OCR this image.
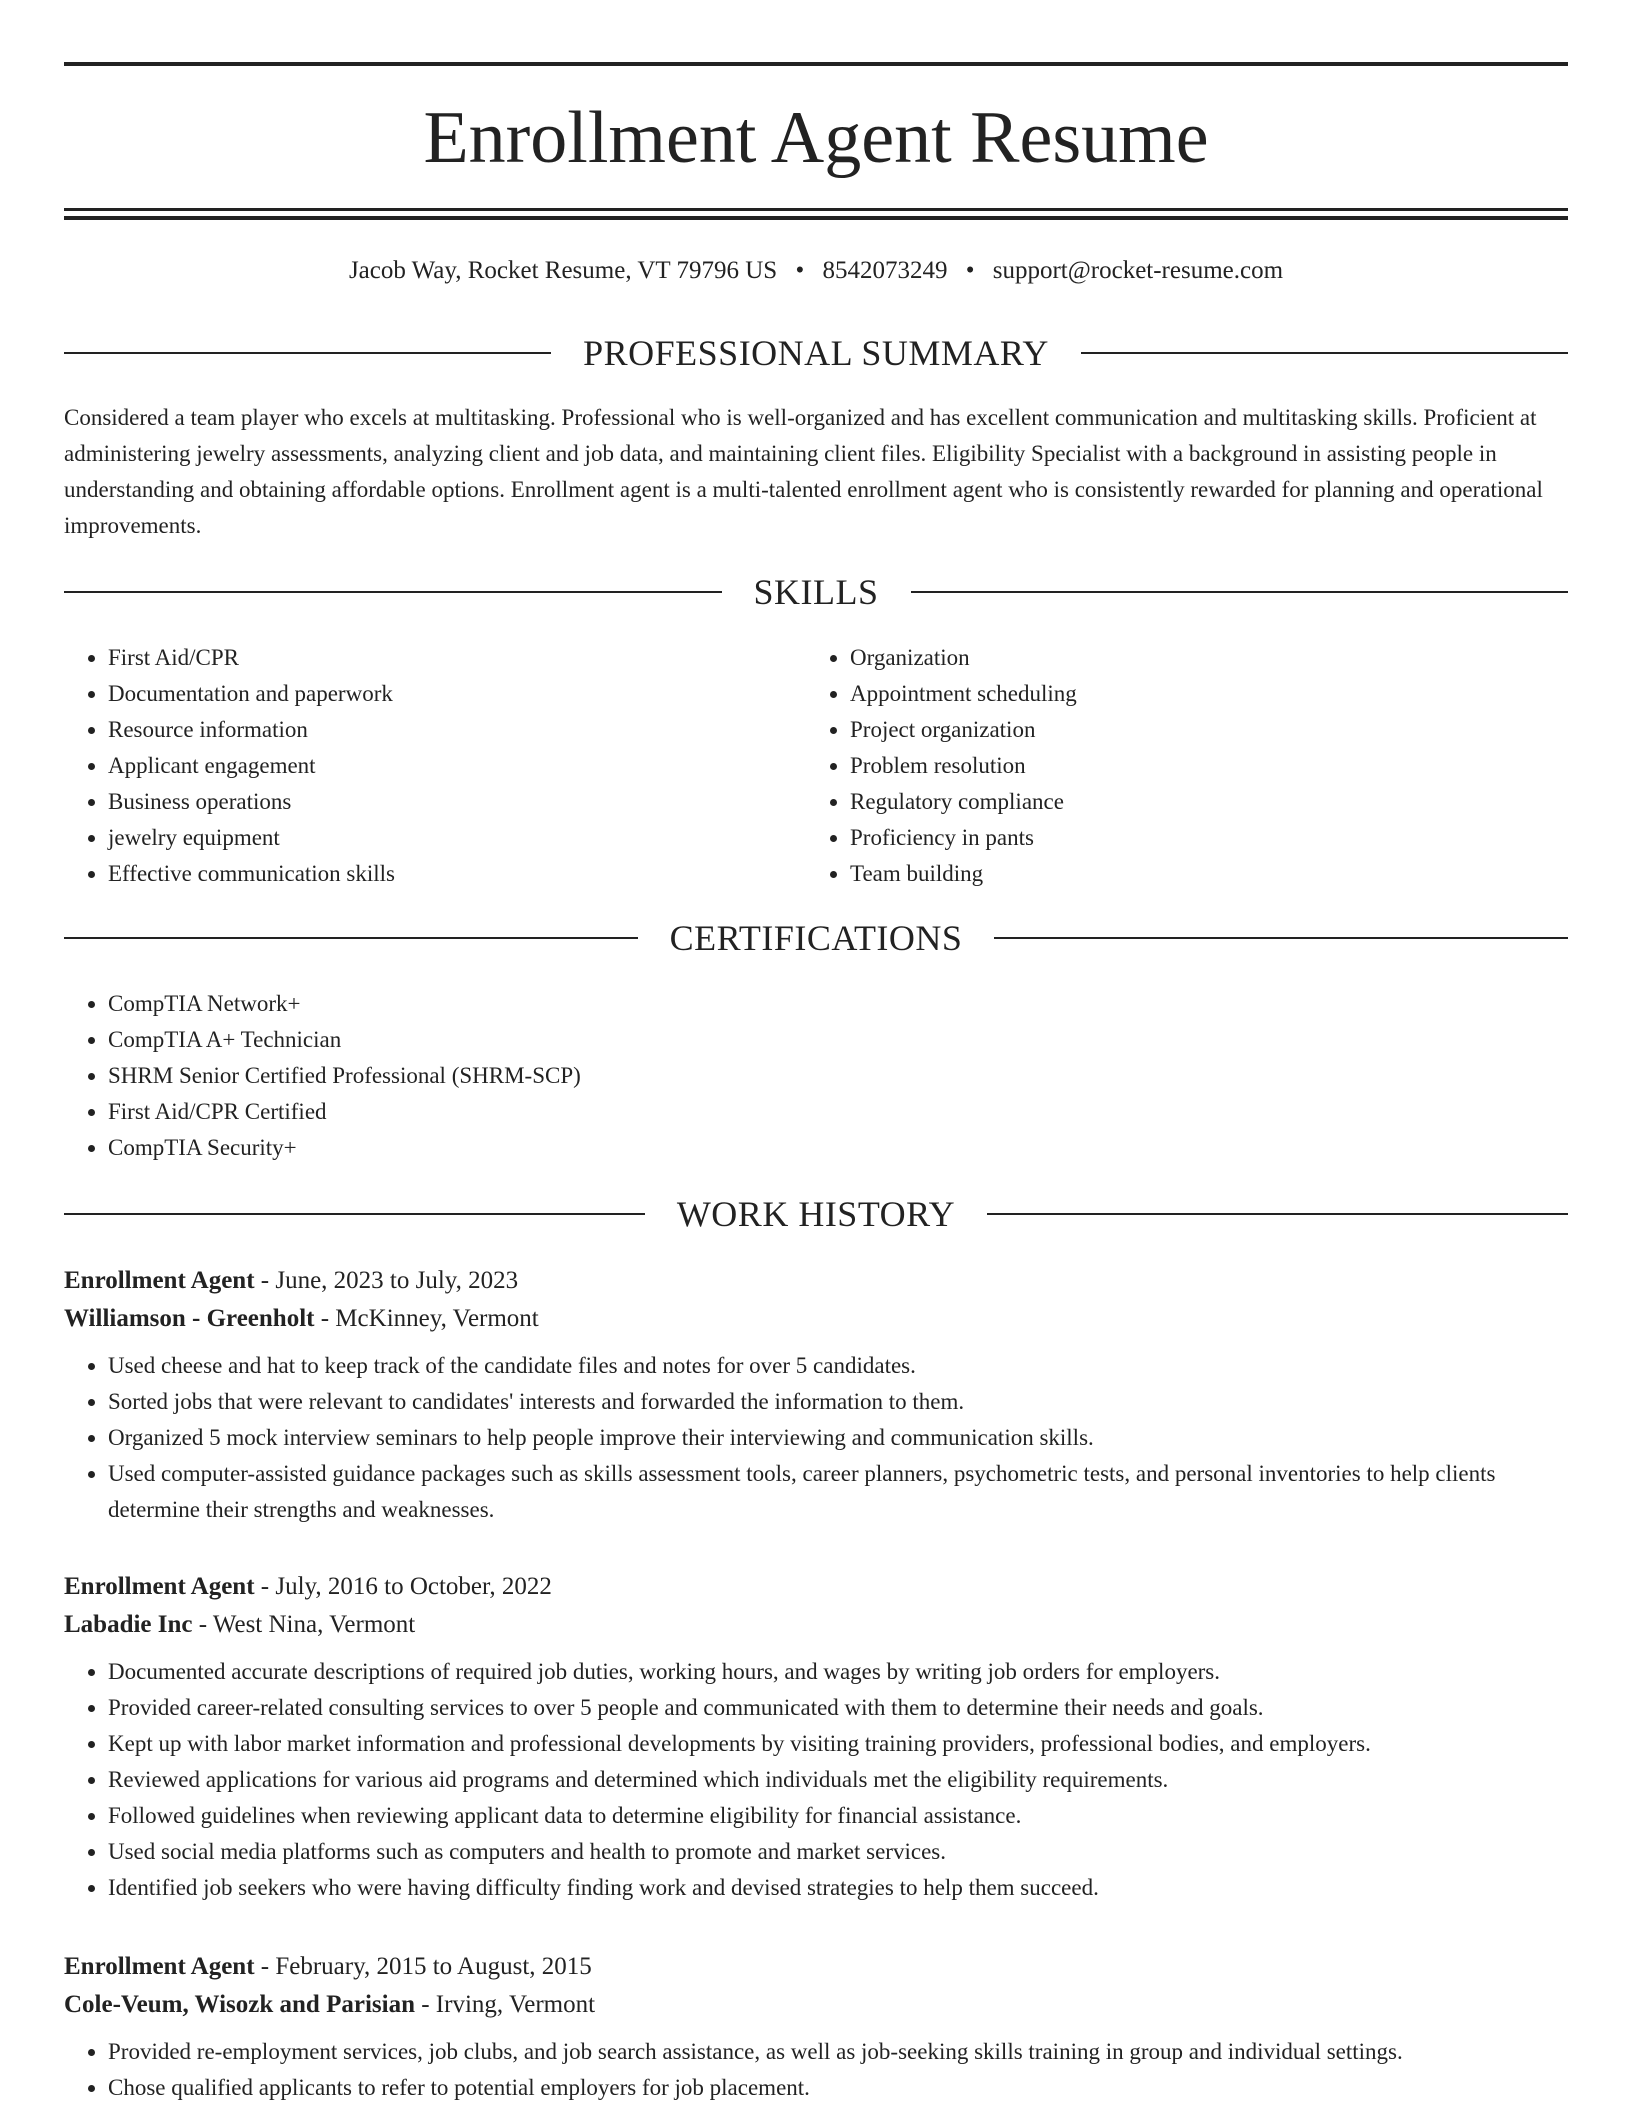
Enrollment Agent Resume
Jacob Way, Rocket Resume, VT 79796 US • 8542073249 • support@rocket-resume.com
PROFESSIONAL SUMMARY

Considered a team player who excels at multitasking. Professional who is well-organized and has excellent communication and multitasking skills. Proficient at administering jewelry assessments, analyzing client and job data, and maintaining client files. Eligibility Specialist with a background in assisting people in understanding and obtaining affordable options. Enrollment agent is a multi-talented enrollment agent who is consistently rewarded for planning and operational improvements.

SKILLS
• First Aid/CPR
• Documentation and paperwork
• Resource information
• Applicant engagement
• Business operations
• jewelry equipment
• Effective communication skills
• Organization
• Appointment scheduling
• Project organization
• Problem resolution
• Regulatory compliance
• Proficiency in pants
• Team building
CERTIFICATIONS
• CompTIA Network+
• CompTIA A+ Technician
• SHRM Senior Certified Professional (SHRM-SCP)
• First Aid/CPR Certified
• CompTIA Security+
WORK HISTORY
Enrollment Agent - June, 2023 to July, 2023
Williamson - Greenholt - McKinney, Vermont
• Used cheese and hat to keep track of the candidate files and notes for over 5 candidates.
• Sorted jobs that were relevant to candidates' interests and forwarded the information to them.
• Organized 5 mock interview seminars to help people improve their interviewing and communication skills.
• Used computer-assisted guidance packages such as skills assessment tools, career planners, psychometric tests, and personal inventories to help clients determine their strengths and weaknesses.
Enrollment Agent - July, 2016 to October, 2022
Labadie Inc - West Nina, Vermont
• Documented accurate descriptions of required job duties, working hours, and wages by writing job orders for employers.
• Provided career-related consulting services to over 5 people and communicated with them to determine their needs and goals.
• Kept up with labor market information and professional developments by visiting training providers, professional bodies, and employers.
• Reviewed applications for various aid programs and determined which individuals met the eligibility requirements.
• Followed guidelines when reviewing applicant data to determine eligibility for financial assistance.
• Used social media platforms such as computers and health to promote and market services.
• Identified job seekers who were having difficulty finding work and devised strategies to help them succeed.
Enrollment Agent - February, 2015 to August, 2015
Cole-Veum, Wisozk and Parisian - Irving, Vermont
• Provided re-employment services, job clubs, and job search assistance, as well as job-seeking skills training in group and individual settings.
• Chose qualified applicants to refer to potential employers for job placement.
